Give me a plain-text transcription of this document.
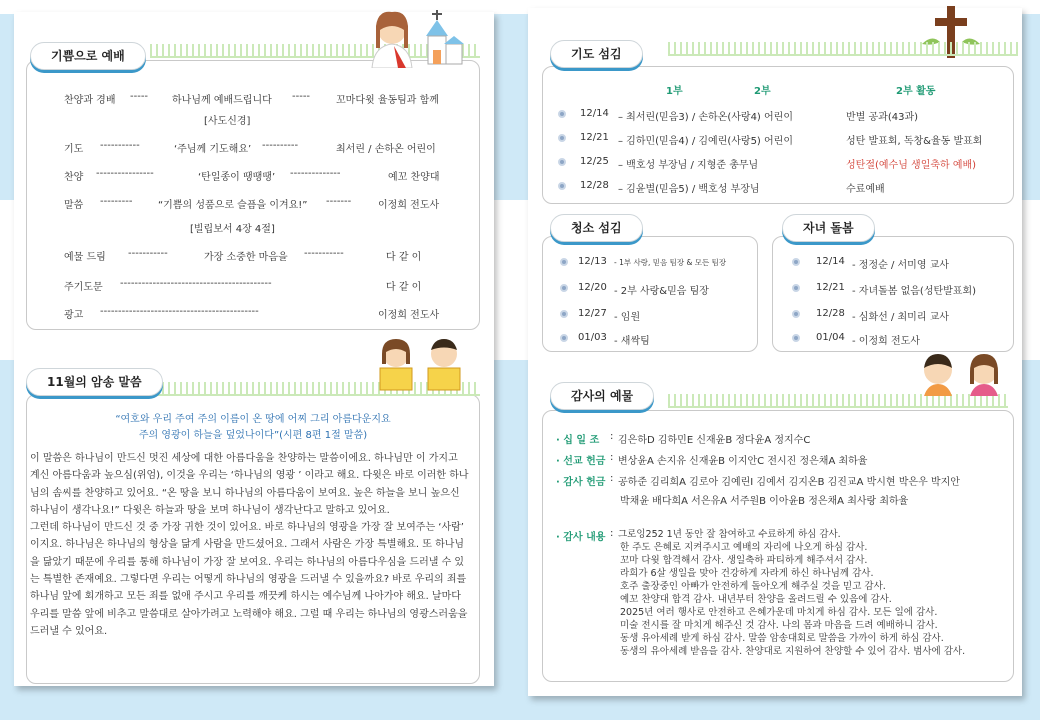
기쁨으로 예배
찬양과 경배 ----- 하나님께 예배드립니다 -----	꼬마다윗 율동팀과 함께
[사도신경]
기도 -----------	‘주님께 기도해요’ ----------	최서린 / 손하온 어린이
찬양 ----------------	‘탄일종이 땡땡땡’ --------------	예꼬 찬양대
말씀 ---------	“기쁨의 성품으로 슬픔을 이겨요!” -------	이정희 전도사
[빌립보서 4장 4절]
예물 드림 -----------	가장 소중한 마음을 -----------	다 같 이
주기도문 ------------------------------------------	다 같 이
광고 --------------------------------------------	이정희 전도사
11월의 암송 말씀
“여호와 우리 주여 주의 이름이 온 땅에 어찌 그리 아름다운지요
주의 영광이 하늘을 덮었나이다”(시편 8편 1절 말씀)

이 말씀은 하나님이 만드신 멋진 세상에 대한 아름다움을 찬양하는 말씀이에요. 하나님만 이 가지고 계신 아름다움과 높으심(위엄), 이것을 우리는 ‘하나님의 영광 ’ 이라고 해요. 다윗은 바로 이러한 하나님의 솜씨를 찬양하고 있어요. “온 땅을 보니 하나님의 아름다움이 보여요. 높은 하늘을 보니 높으신 하나님이 생각나요!” 다윗은 하늘과 땅을 보며 하나님이 생각난다고 말하고 있어요.

그런데 하나님이 만드신 것 중 가장 귀한 것이 있어요. 바로 하나님의 영광을 가장 잘 보여주는 ‘사람’ 이지요. 하나님은 하나님의 형상을 닮게 사람을 만드셨어요. 그래서 사람은 가장 특별해요. 또 하나님을 닮았기 때문에 우리를 통해 하나님이 가장 잘 보여요. 우리는 하나님의 아름다우심을 드러낼 수 있는 특별한 존재예요. 그렇다면 우리는 어떻게 하나님의 영광을 드러낼 수 있을까요? 바로 우리의 죄를 하나님 앞에 회개하고 모든 죄를 없애 주시고 우리를 깨끗케 하시는 예수님께 나아가야 해요. 날마다 우리를 말씀 앞에 비추고 말씀대로 살아가려고 노력해야 해요. 그럴 때 우리는 하나님의 영광스러움을 드러낼 수 있어요.

기도 섬김
1부	2부	2부 활동
12/14 – 최서린(믿음3) / 손하온(사랑4) 어린이	반별 공과(43과)
12/21 – 김하민(믿음4) / 김예린(사랑5) 어린이	성탄 발표회, 독창&율동 발표회
12/25 – 백호성 부장님 / 지형준 총무님	성탄절(예수님 생일축하 예배)
12/28 – 김윤별(믿음5) / 백호성 부장님	수료예배
청소 섬김
12/13 - 1부 사랑, 믿음 팀장 & 모든 팀장
12/20 - 2부 사랑&믿음 팀장
12/27 - 임원
01/03 - 새싹팀
자녀 돌봄
12/14 - 정정순 / 서미영 교사
12/21 - 자녀돌봄 없음(성탄발표회)
12/28 - 심화선 / 최미리 교사
01/04 - 이정희 전도사
감사의 예물
· 십 일 조 : 김은하D 김하민E 신재윤B 정다윤A 정지수C
· 선교 헌금 : 변상윤A 손지유 신재윤B 이지안C 전시진 정은채A 최하율
· 감사 헌금 : 공하준 김리희A 김로아 김예린I 김예서 김지온B 김진교A 박시현 박은우 박지안
박채윤 배다희A 서은유A 서주원B 이아윤B 정은채A 최사랑 최하율
· 감사 내용 : 그로잉252 1년 동안 잘 참여하고 수료하게 하심 감사.
한 주도 은혜로 지켜주시고 예배의 자리에 나오게 하심 감사.
꼬마 다윗 합격해서 감사. 생일축하 파티하게 해주셔서 감사.
라희가 6살 생일을 맞아 건강하게 자라게 하신 하나님께 감사.
호주 출장중인 아빠가 안전하게 돌아오게 해주실 것을 믿고 감사.
예꼬 찬양대 합격 감사. 내년부터 찬양을 올려드릴 수 있음에 감사.
2025년 여러 행사로 안전하고 은혜가운데 마치게 하심 감사. 모든 일에 감사.
미술 전시를 잘 마치게 해주신 것 감사. 나의 몸과 마음을 드려 예배하니 감사.
동생 유아세례 받게 하심 감사. 말씀 암송대회로 말씀을 가까이 하게 하심 감사.
동생의 유아세례 받음을 감사. 찬양대로 지원하여 찬양할 수 있어 감사. 범사에 감사.
